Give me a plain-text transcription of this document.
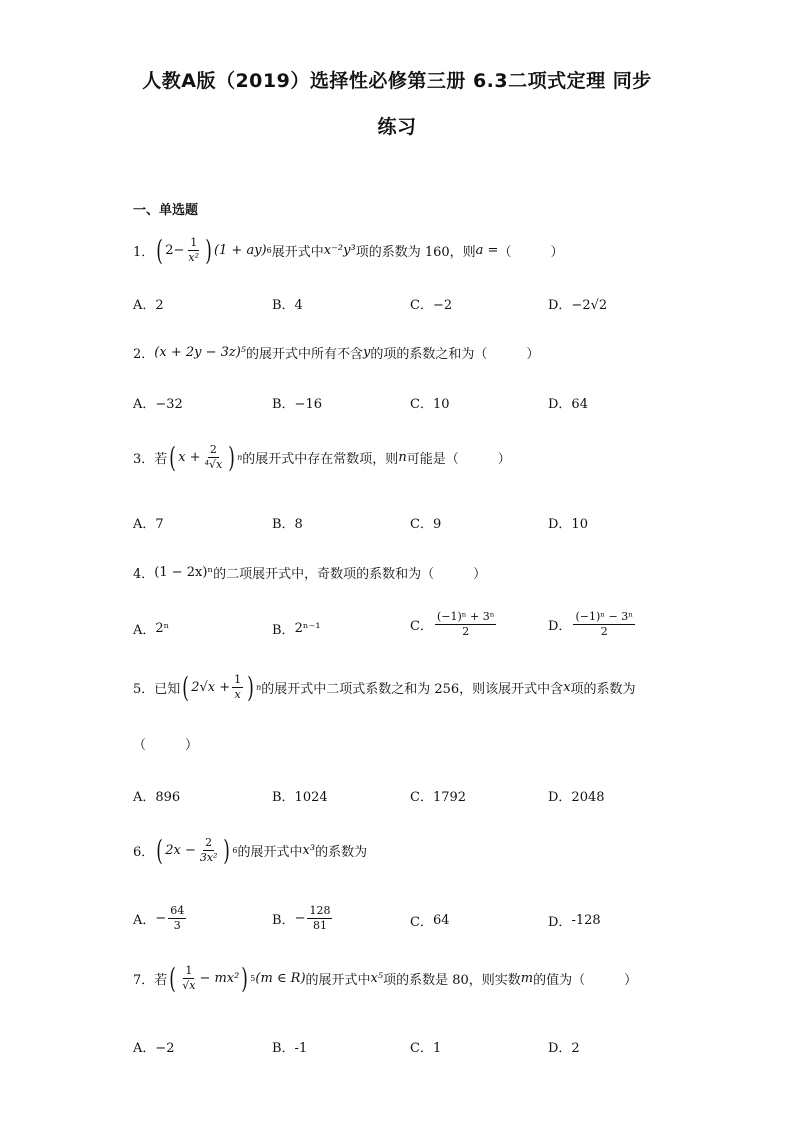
人教A版（2019）选择性必修第三册 6.3二项式定理 同步
练习
一、单选题
1． ( $2- \frac{1}{\text{x²}}$ ) (1 + ay) 6 展开式中 x⁻²y³ 项的系数为 160，则 a = （　　　）
A．2	B．4	C．−2	D．−2√2
2． (x + 2y − 3z)⁵ 的展开式中所有不含 y 的项的系数之和为（　　　）
A．−32	B．−16	C．10	D．64
3．若 ( $x + \frac{2}{\text{⁴√x}}$ ) n 的展开式中存在常数项，则 n 可能是（　　　）
A．7	B．8	C．9	D．10
4． (1 − 2x)ⁿ 的二项展开式中，奇数项的系数和为（　　　）
A． 2ⁿ	B． 2ⁿ⁻¹	C． $\frac{\text{(−1)ⁿ + 3ⁿ}}{2}$	D． $\frac{\text{(−1)ⁿ − 3ⁿ}}{2}$
5．已知 ( $2√x + \frac{1}{x}$ ) n 的展开式中二项式系数之和为 256，则该展开式中含 x 项的系数为
（　　　）
A．896	B．1024	C．1792	D．2048
6． ( $2x - \frac{2}{\text{3x²}}$ ) 6 的展开式中 x³ 的系数为
A． − $\frac{64}{3}$	B． − $\frac{128}{81}$	C． 64	D． -128
7．若 ( $\frac{1}{√x} - mx^2$ ) 5 (m ∈ R) 的展开式中 x⁵ 项的系数是 80，则实数 m 的值为（　　　）
A．−2	B．-1	C．1	D．2
